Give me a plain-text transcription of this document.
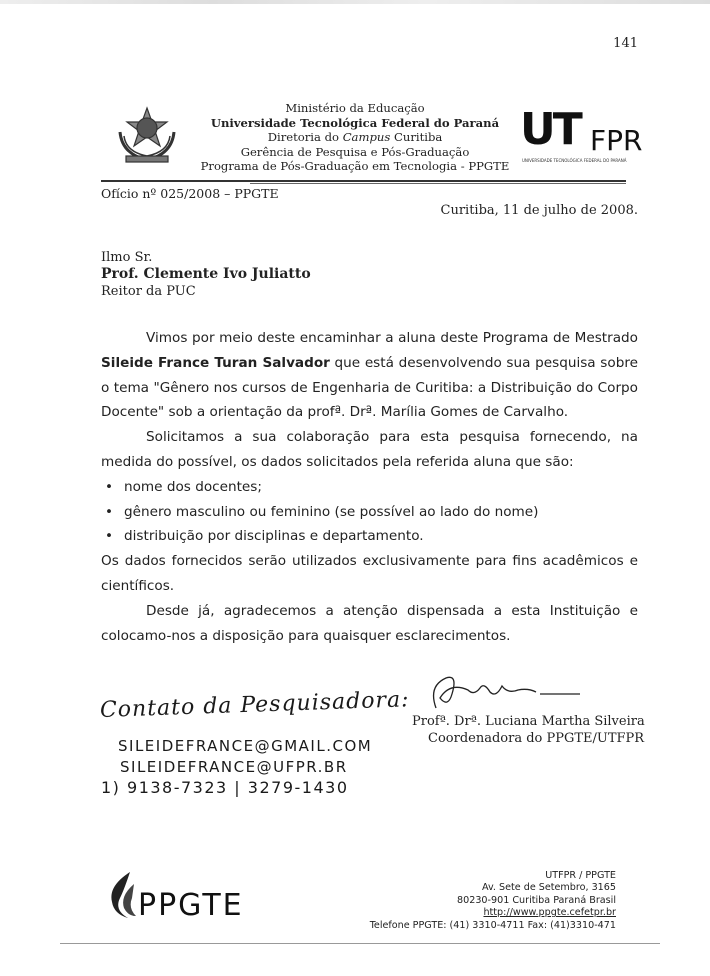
141
Ministério da Educação
Universidade Tecnológica Federal do Paraná
Diretoria do Campus Curitiba
Gerência de Pesquisa e Pós-Graduação
Programa de Pós-Graduação em Tecnologia - PPGTE
UT FPR
UNIVERSIDADE TECNOLÓGICA FEDERAL DO PARANÁ
Ofício nº 025/2008 – PPGTE
Curitiba, 11 de julho de 2008.
Ilmo Sr.
Prof. Clemente Ivo Juliatto
Reitor da PUC

Vimos por meio deste encaminhar a aluna deste Programa de Mestrado Sileide France Turan Salvador que está desenvolvendo sua pesquisa sobre o tema "Gênero nos cursos de Engenharia de Curitiba: a Distribuição do Corpo Docente" sob a orientação da profª. Drª. Marília Gomes de Carvalho.

Solicitamos a sua colaboração para esta pesquisa fornecendo, na medida do possível, os dados solicitados pela referida aluna que são:

• nome dos docentes;
• gênero masculino ou feminino (se possível ao lado do nome)
• distribuição por disciplinas e departamento.

Os dados fornecidos serão utilizados exclusivamente para fins acadêmicos e científicos.

Desde já, agradecemos a atenção dispensada a esta Instituição e colocamo-nos a disposição para quaisquer esclarecimentos.

Profª. Drª. Luciana Martha Silveira
Coordenadora do PPGTE/UTFPR
Contato da Pesquisadora:
SILEIDEFRANCE@GMAIL.COM
SILEIDEFRANCE@UFPR.BR
1) 9138-7323 | 3279-1430
PPGTE
UTFPR / PPGTE
Av. Sete de Setembro, 3165
80230-901 Curitiba Paraná Brasil
http://www.ppgte.cefetpr.br
Telefone PPGTE: (41) 3310-4711 Fax: (41)3310-471
